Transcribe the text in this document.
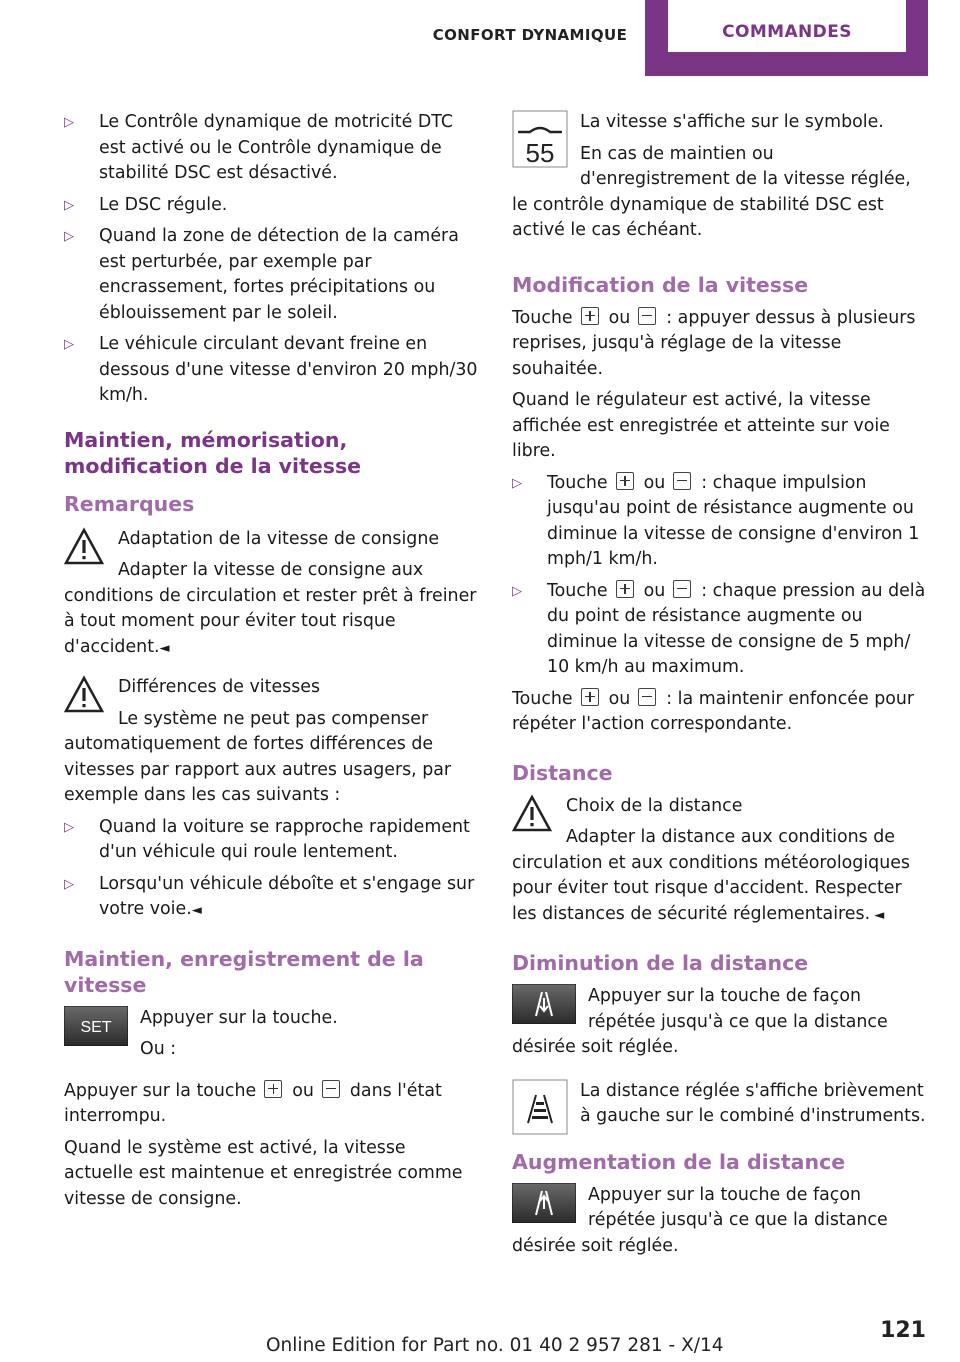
CONFORT DYNAMIQUE	COMMANDES
▷ Le Contrôle dynamique de motricité DTC est activé ou le Contrôle dynamique de stabilité DSC est désactivé.
▷ Le DSC régule.
▷ Quand la zone de détection de la caméra est perturbée, par exemple par encrassement, fortes précipitations ou éblouissement par le soleil.
▷ Le véhicule circulant devant freine en dessous d'une vitesse d'environ 20 mph/30 km/h.
Maintien, mémorisation, modification de la vitesse
Remarques

Adaptation de la vitesse de consigne

Adapter la vitesse de consigne aux conditions de circulation et rester prêt à freiner à tout moment pour éviter tout risque d'accident.◄

Différences de vitesses

Le système ne peut pas compenser automatiquement de fortes différences de vitesses par rapport aux autres usagers, par exemple dans les cas suivants :

▷ Quand la voiture se rapproche rapidement d'un véhicule qui roule lentement.
▷ Lorsqu'un véhicule déboîte et s'engage sur votre voie.◄
Maintien, enregistrement de la vitesse
SET	Appuyer sur la touche.

Ou :

Appuyer sur la touche ou dans l'état interrompu.

Quand le système est activé, la vitesse actuelle est maintenue et enregistrée comme vitesse de consigne.

55

La vitesse s'affiche sur le symbole.

En cas de maintien ou d'enregistrement de la vitesse réglée, le contrôle dynamique de stabilité DSC est activé le cas échéant.

Modification de la vitesse

Touche ou : appuyer dessus à plusieurs reprises, jusqu'à réglage de la vitesse souhaitée.

Quand le régulateur est activé, la vitesse affichée est enregistrée et atteinte sur voie libre.

▷ Touche ou : chaque impulsion jusqu'au point de résistance augmente ou diminue la vitesse de consigne d'environ 1 mph/1 km/h.
▷ Touche ou : chaque pression au delà du point de résistance augmente ou diminue la vitesse de consigne de 5 mph/ 10 km/h au maximum.

Touche ou : la maintenir enfoncée pour répéter l'action correspondante.

Distance

Choix de la distance

Adapter la distance aux conditions de circulation et aux conditions météorologiques pour éviter tout risque d'accident. Respecter les distances de sécurité réglementaires. ◄

Diminution de la distance

Appuyer sur la touche de façon répétée jusqu'à ce que la distance désirée soit réglée.

La distance réglée s'affiche brièvement à gauche sur le combiné d'instruments.

Augmentation de la distance

Appuyer sur la touche de façon répétée jusqu'à ce que la distance désirée soit réglée.

121
Online Edition for Part no. 01 40 2 957 281 - X/14
